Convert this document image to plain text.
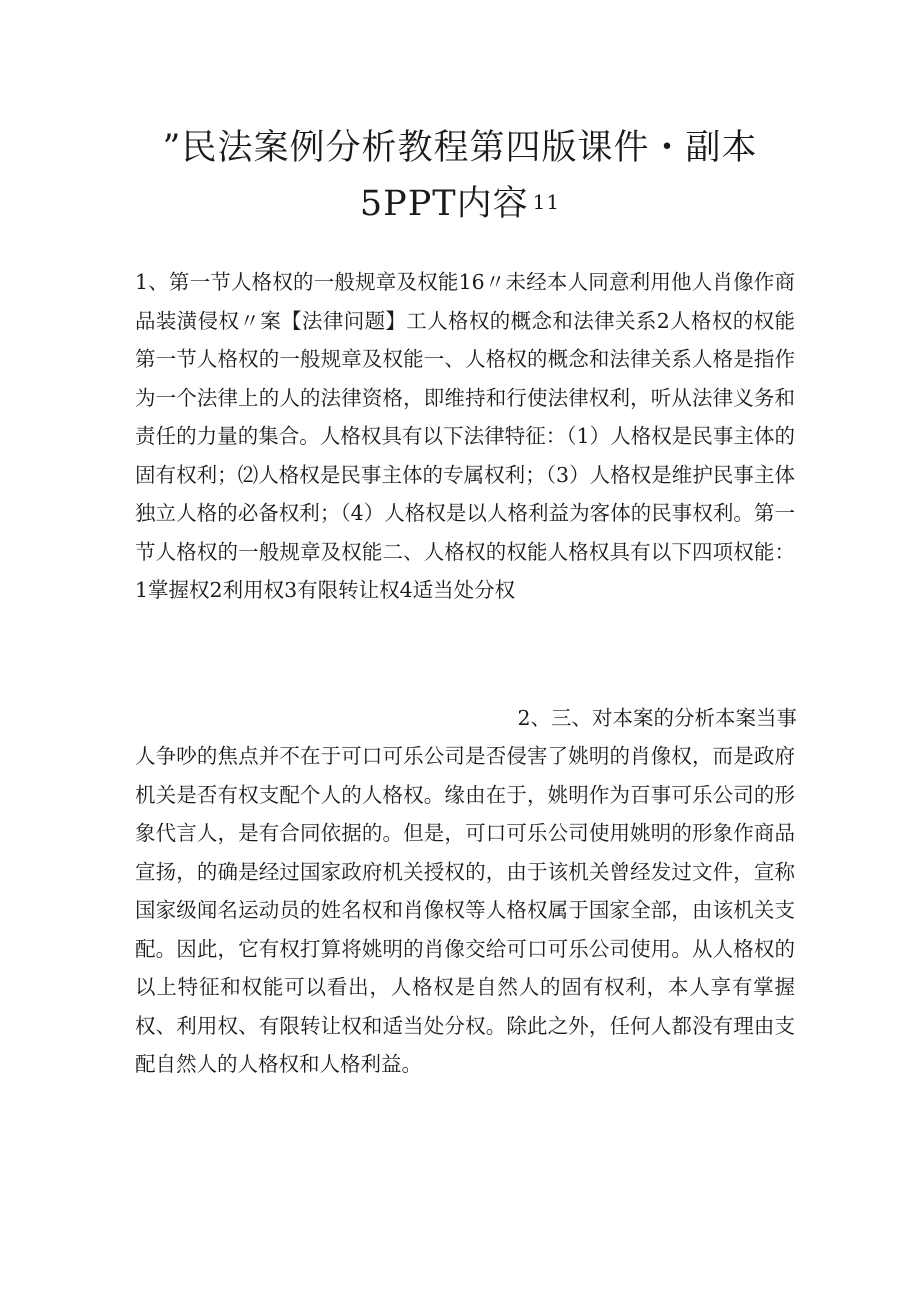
”民法案例分析教程第四版课件・副本
5PPT内容 $^{11}$
1、第一节人格权的一般规章及权能16〃未经本人同意利用他人肖像作商品装潢侵权〃案【法律问题】工人格权的概念和法律关系2人格权的权能第一节人格权的一般规章及权能一、人格权的概念和法律关系人格是指作为一个法律上的人的法律资格，即维持和行使法律权利，听从法律义务和责任的力量的集合。人格权具有以下法律特征：（1）人格权是民事主体的固有权利；⑵人格权是民事主体的专属权利；（3）人格权是维护民事主体独立人格的必备权利；（4）人格权是以人格利益为客体的民事权利。第一节人格权的一般规章及权能二、人格权的权能人格权具有以下四项权能：1掌握权2利用权3有限转让权4适当处分权
2、三、对本案的分析本案当事
人争吵的焦点并不在于可口可乐公司是否侵害了姚明的肖像权，而是政府机关是否有权支配个人的人格权。缘由在于，姚明作为百事可乐公司的形象代言人，是有合同依据的。但是，可口可乐公司使用姚明的形象作商品宣扬，的确是经过国家政府机关授权的，由于该机关曾经发过文件，宣称国家级闻名运动员的姓名权和肖像权等人格权属于国家全部，由该机关支配。因此，它有权打算将姚明的肖像交给可口可乐公司使用。从人格权的以上特征和权能可以看出，人格权是自然人的固有权利，本人享有掌握权、利用权、有限转让权和适当处分权。除此之外，任何人都没有理由支配自然人的人格权和人格利益。
